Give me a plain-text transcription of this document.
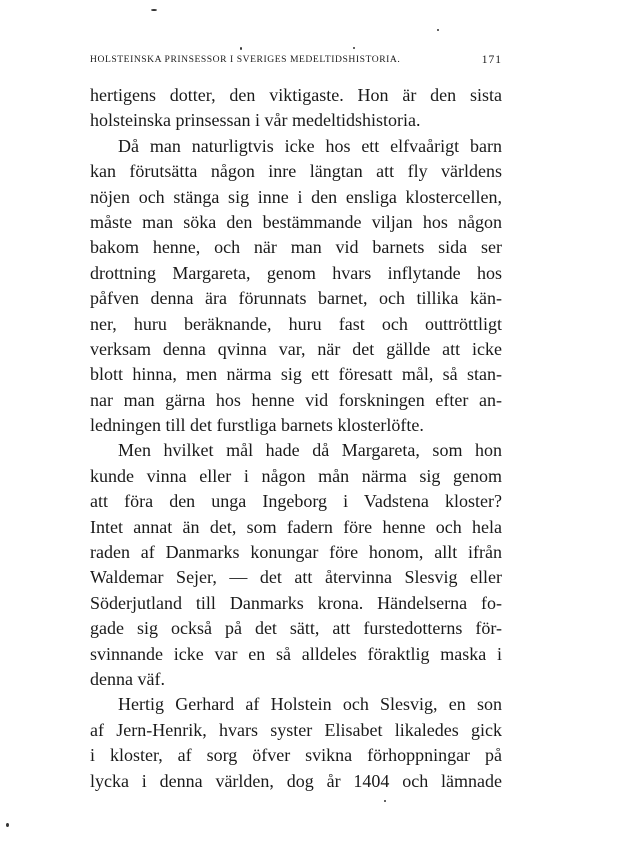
HOLSTEINSKA PRINSESSOR I SVERIGES MEDELTIDSHISTORIA.	171
hertigens dotter, den viktigaste. Hon är den sista
holsteinska prinsessan i vår medeltidshistoria.
Då man naturligtvis icke hos ett elfvaårigt barn
kan förutsätta någon inre längtan att fly världens
nöjen och stänga sig inne i den ensliga klostercellen,
måste man söka den bestämmande viljan hos någon
bakom henne, och när man vid barnets sida ser
drottning Margareta, genom hvars inflytande hos
påfven denna ära förunnats barnet, och tillika kän-
ner, huru beräknande, huru fast och outtröttligt
verksam denna qvinna var, när det gällde att icke
blott hinna, men närma sig ett föresatt mål, så stan-
nar man gärna hos henne vid forskningen efter an-
ledningen till det furstliga barnets klosterlöfte.
Men hvilket mål hade då Margareta, som hon
kunde vinna eller i någon mån närma sig genom
att föra den unga Ingeborg i Vadstena kloster?
Intet annat än det, som fadern före henne och hela
raden af Danmarks konungar före honom, allt ifrån
Waldemar Sejer, — det att återvinna Slesvig eller
Söderjutland till Danmarks krona. Händelserna fo-
gade sig också på det sätt, att furstedotterns för-
svinnande icke var en så alldeles föraktlig maska i
denna väf.
Hertig Gerhard af Holstein och Slesvig, en son
af Jern-Henrik, hvars syster Elisabet likaledes gick
i kloster, af sorg öfver svikna förhoppningar på
lycka i denna världen, dog år 1404 och lämnade
